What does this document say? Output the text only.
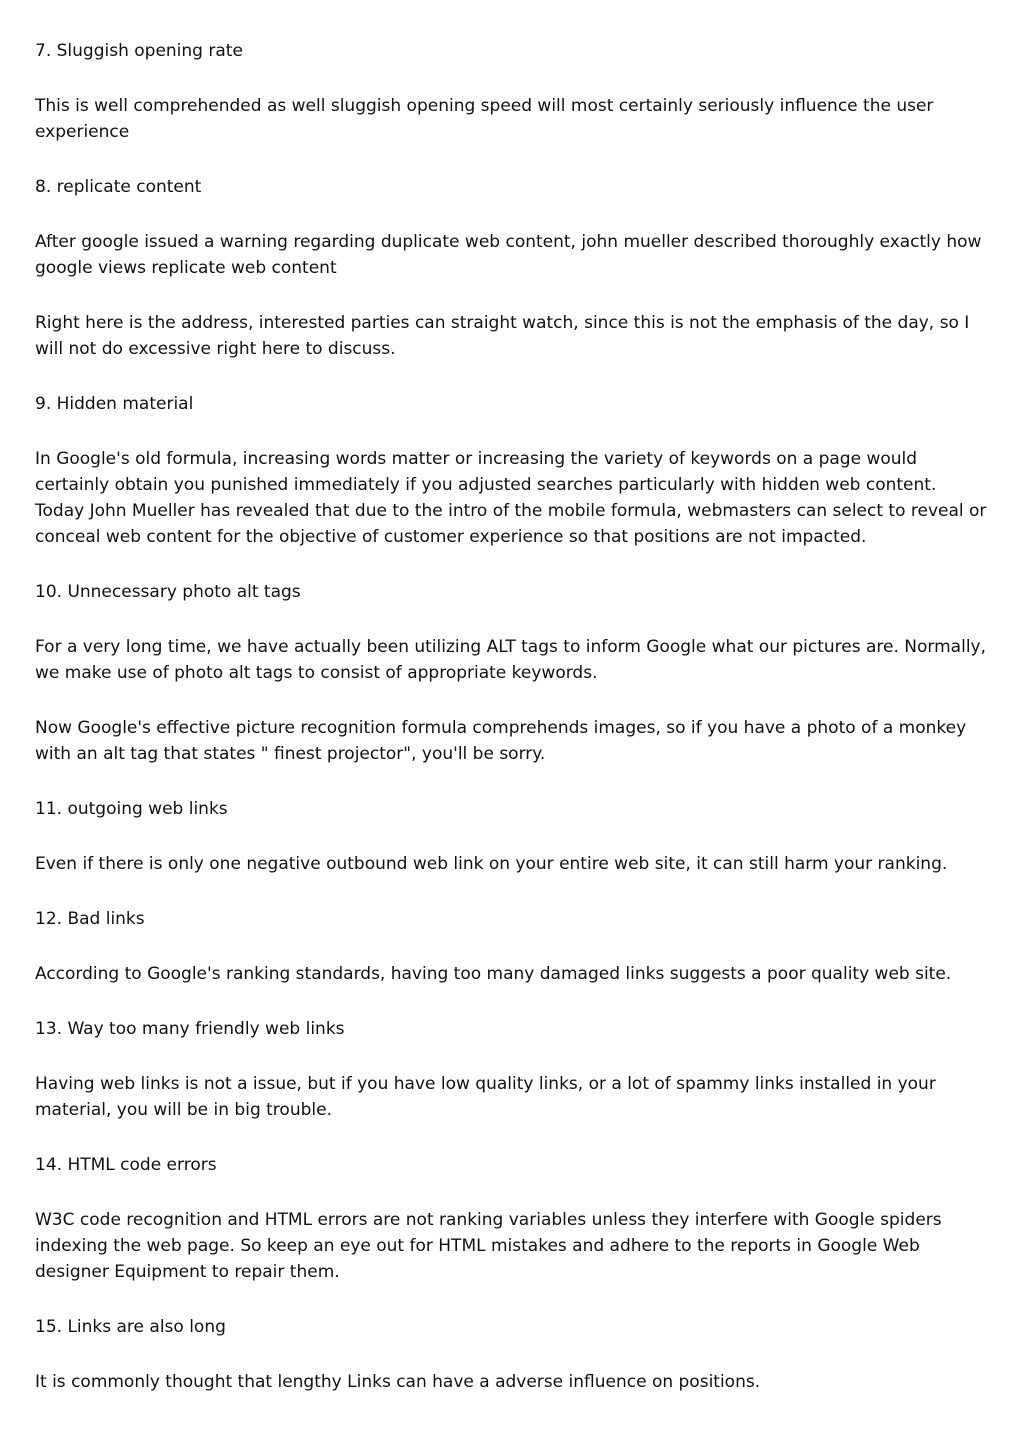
7. Sluggish opening rate

This is well comprehended as well sluggish opening speed will most certainly seriously influence the user experience

8. replicate content

After google issued a warning regarding duplicate web content, john mueller described thoroughly exactly how google views replicate web content

Right here is the address, interested parties can straight watch, since this is not the emphasis of the day, so I will not do excessive right here to discuss.

9. Hidden material

In Google's old formula, increasing words matter or increasing the variety of keywords on a page would certainly obtain you punished immediately if you adjusted searches particularly with hidden web content. Today John Mueller has revealed that due to the intro of the mobile formula, webmasters can select to reveal or conceal web content for the objective of customer experience so that positions are not impacted.

10. Unnecessary photo alt tags

For a very long time, we have actually been utilizing ALT tags to inform Google what our pictures are. Normally, we make use of photo alt tags to consist of appropriate keywords.

Now Google's effective picture recognition formula comprehends images, so if you have a photo of a monkey with an alt tag that states " finest projector", you'll be sorry.

11. outgoing web links

Even if there is only one negative outbound web link on your entire web site, it can still harm your ranking.

12. Bad links

According to Google's ranking standards, having too many damaged links suggests a poor quality web site.

13. Way too many friendly web links

Having web links is not a issue, but if you have low quality links, or a lot of spammy links installed in your material, you will be in big trouble.

14. HTML code errors

W3C code recognition and HTML errors are not ranking variables unless they interfere with Google spiders indexing the web page. So keep an eye out for HTML mistakes and adhere to the reports in Google Web designer Equipment to repair them.

15. Links are also long

It is commonly thought that lengthy Links can have a adverse influence on positions.
